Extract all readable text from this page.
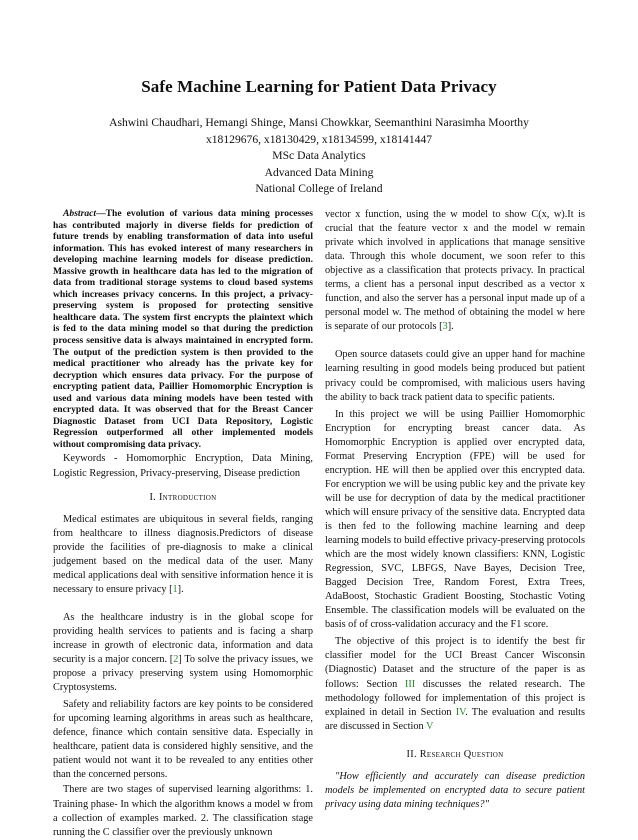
Safe Machine Learning for Patient Data Privacy
Ashwini Chaudhari, Hemangi Shinge, Mansi Chowkkar, Seemanthini Narasimha Moorthy
x18129676, x18130429, x18134599, x18141447
MSc Data Analytics
Advanced Data Mining
National College of Ireland

Abstract—The evolution of various data mining processes has contributed majorly in diverse fields for prediction of future trends by enabling transformation of data into useful information. This has evoked interest of many researchers in developing machine learning models for disease prediction. Massive growth in healthcare data has led to the migration of data from traditional storage systems to cloud based systems which increases privacy concerns. In this project, a privacy-preserving system is proposed for protecting sensitive healthcare data. The system first encrypts the plaintext which is fed to the data mining model so that during the prediction process sensitive data is always maintained in encrypted form. The output of the prediction system is then provided to the medical practitioner who already has the private key for decryption which ensures data privacy. For the purpose of encrypting patient data, Paillier Homomorphic Encryption is used and various data mining models have been tested with encrypted data. It was observed that for the Breast Cancer Diagnostic Dataset from UCI Data Repository, Logistic Regression outperformed all other implemented models without compromising data privacy.

Keywords - Homomorphic Encryption, Data Mining, Logistic Regression, Privacy-preserving, Disease prediction

I. Introduction

Medical estimates are ubiquitous in several fields, ranging from healthcare to illness diagnosis.Predictors of disease provide the facilities of pre-diagnosis to make a clinical judgement based on the medical data of the user. Many medical applications deal with sensitive information hence it is necessary to ensure privacy [1].

As the healthcare industry is in the global scope for providing health services to patients and is facing a sharp increase in growth of electronic data, information and data security is a major concern. [2] To solve the privacy issues, we propose a privacy preserving system using Homomorphic Cryptosystems.

Safety and reliability factors are key points to be considered for upcoming learning algorithms in areas such as healthcare, defence, finance which contain sensitive data. Especially in healthcare, patient data is considered highly sensitive, and the patient would not want it to be revealed to any entities other than the concerned persons.

There are two stages of supervised learning algorithms: 1. Training phase- In which the algorithm knows a model w from a collection of examples marked. 2. The classification stage running the C classifier over the previously unknown

vector x function, using the w model to show C(x, w).It is crucial that the feature vector x and the model w remain private which involved in applications that manage sensitive data. Through this whole document, we soon refer to this objective as a classification that protects privacy. In practical terms, a client has a personal input described as a vector x function, and also the server has a personal input made up of a personal model w. The method of obtaining the model w here is separate of our protocols [3].

Open source datasets could give an upper hand for machine learning resulting in good models being produced but patient privacy could be compromised, with malicious users having the ability to back track patient data to specific patients.

In this project we will be using Paillier Homomorphic Encryption for encrypting breast cancer data. As Homomorphic Encryption is applied over encrypted data, Format Preserving Encryption (FPE) will be used for encryption. HE will then be applied over this encrypted data. For encryption we will be using public key and the private key will be use for decryption of data by the medical practitioner which will ensure privacy of the sensitive data. Encrypted data is then fed to the following machine learning and deep learning models to build effective privacy-preserving protocols which are the most widely known classifiers: KNN, Logistic Regression, SVC, LBFGS, Nave Bayes, Decision Tree, Bagged Decision Tree, Random Forest, Extra Trees, AdaBoost, Stochastic Gradient Boosting, Stochastic Voting Ensemble. The classification models will be evaluated on the basis of of cross-validation accuracy and the F1 score.

The objective of this project is to identify the best fir classifier model for the UCI Breast Cancer Wisconsin (Diagnostic) Dataset and the structure of the paper is as follows: Section III discusses the related research. The methodology followed for implementation of this project is explained in detail in Section IV. The evaluation and results are discussed in Section V

II. Research Question

"How efficiently and accurately can disease prediction models be implemented on encrypted data to secure patient privacy using data mining techniques?"
